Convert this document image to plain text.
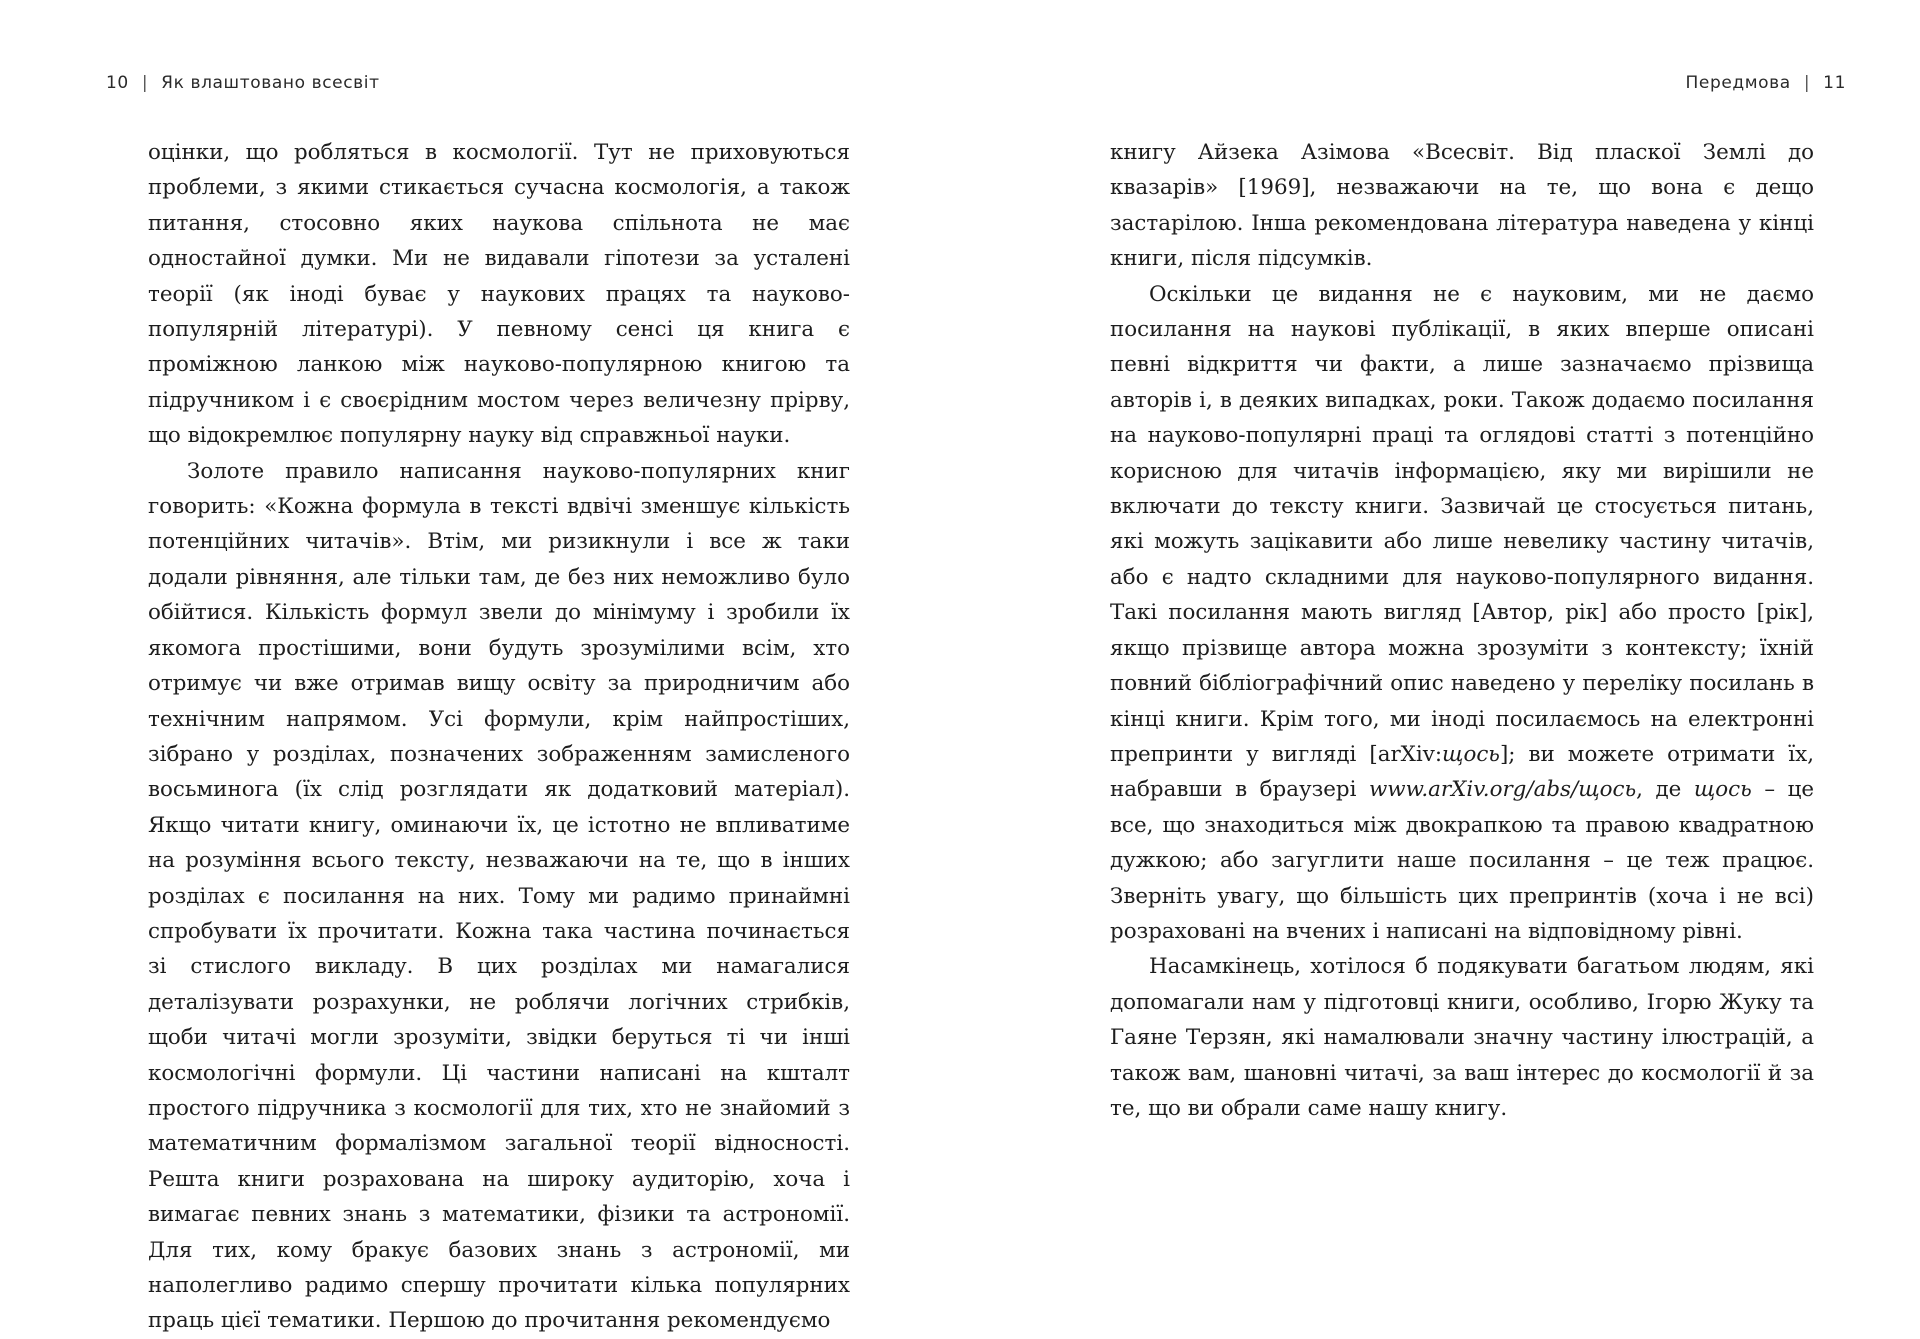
10 | Як влаштовано всесвіт

оцінки, що робляться в космології. Тут не приховуються проблеми, з якими стикається сучасна космологія, а також питання, стосовно яких наукова спільнота не має одностайної думки. Ми не видавали гіпотези за усталені теорії (як іноді буває у наукових працях та науково-популярній літературі). У певному сенсі ця книга є проміжною ланкою між науково-популярною книгою та підручником і є своєрідним мостом через величезну прірву, що відокремлює популярну науку від справжньої науки.

Золоте правило написання науково-популярних книг говорить: «Кожна формула в тексті вдвічі зменшує кількість потенційних читачів». Втім, ми ризикнули і все ж таки додали рівняння, але тільки там, де без них неможливо було обійтися. Кількість формул звели до мінімуму і зробили їх якомога простішими, вони будуть зрозумілими всім, хто отримує чи вже отримав вищу освіту за природничим або технічним напрямом. Усі формули, крім найпростіших, зібрано у розділах, позначених зображенням замисленого восьминога (їх слід розглядати як додатковий матеріал). Якщо читати книгу, оминаючи їх, це істотно не впливатиме на розуміння всього тексту, незважаючи на те, що в інших розділах є посилання на них. Тому ми радимо принаймні спробувати їх прочитати. Кожна така частина починається зі стислого викладу. В цих розділах ми намагалися деталізувати розрахунки, не роблячи логічних стрибків, щоби читачі могли зрозуміти, звідки беруться ті чи інші космологічні формули. Ці частини написані на кшталт простого підручника з космології для тих, хто не знайомий з математичним формалізмом загальної теорії відносності. Решта книги розрахована на широку аудиторію, хоча і вимагає певних знань з математики, фізики та астрономії. Для тих, кому бракує базових знань з астрономії, ми наполегливо радимо спершу прочитати кілька популярних праць цієї тематики. Першою до прочитання рекомендуємо

Передмова | 11

книгу Айзека Азімова «Всесвіт. Від пласкої Землі до квазарів» [1969], незважаючи на те, що вона є дещо застарілою. Інша рекомендована література наведена у кінці книги, після підсумків.

Оскільки це видання не є науковим, ми не даємо посилання на наукові публікації, в яких вперше описані певні відкриття чи факти, а лише зазначаємо прізвища авторів і, в деяких випадках, роки. Також додаємо посилання на науково-популярні праці та оглядові статті з потенційно корисною для читачів інформацією, яку ми вирішили не включати до тексту книги. Зазвичай це стосується питань, які можуть зацікавити або лише невелику частину читачів, або є надто складними для науково-популярного видання. Такі посилання мають вигляд [Автор, рік] або просто [рік], якщо прізвище автора можна зрозуміти з контексту; їхній повний бібліографічний опис наведено у переліку посилань в кінці книги. Крім того, ми іноді посилаємось на електронні препринти у вигляді [arXiv:щось]; ви можете отримати їх, набравши в браузері www.arXiv.org/abs/щось, де щось – це все, що знаходиться між двокрапкою та правою квадратною дужкою; або загуглити наше посилання – це теж працює. Зверніть увагу, що більшість цих препринтів (хоча і не всі) розраховані на вчених і написані на відповідному рівні.

Насамкінець, хотілося б подякувати багатьом людям, які допомагали нам у підготовці книги, особливо, Ігорю Жуку та Гаяне Терзян, які намалювали значну частину ілюстрацій, а також вам, шановні читачі, за ваш інтерес до космології й за те, що ви обрали саме нашу книгу.
